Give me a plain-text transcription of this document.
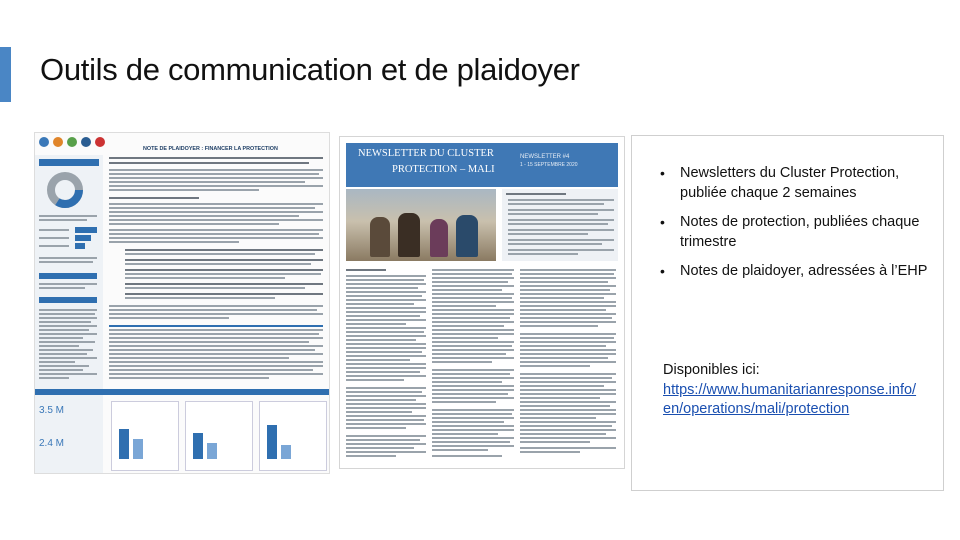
Outils de communication et de plaidoyer
NOTE DE PLAIDOYER : FINANCER LA PROTECTION
3.5 M
2.4 M
NEWSLETTER DU CLUSTER
PROTECTION – MALI
NEWSLETTER #4
1 - 15 SEPTEMBRE 2020	• Newsletters du Cluster Protection, publiée chaque 2 semaines
• Notes de protection, publiées chaque trimestre
• Notes de plaidoyer, adressées à l’EHP
Disponibles ici:
https://www.humanitarianresponse.info/en/operations/mali/protection
